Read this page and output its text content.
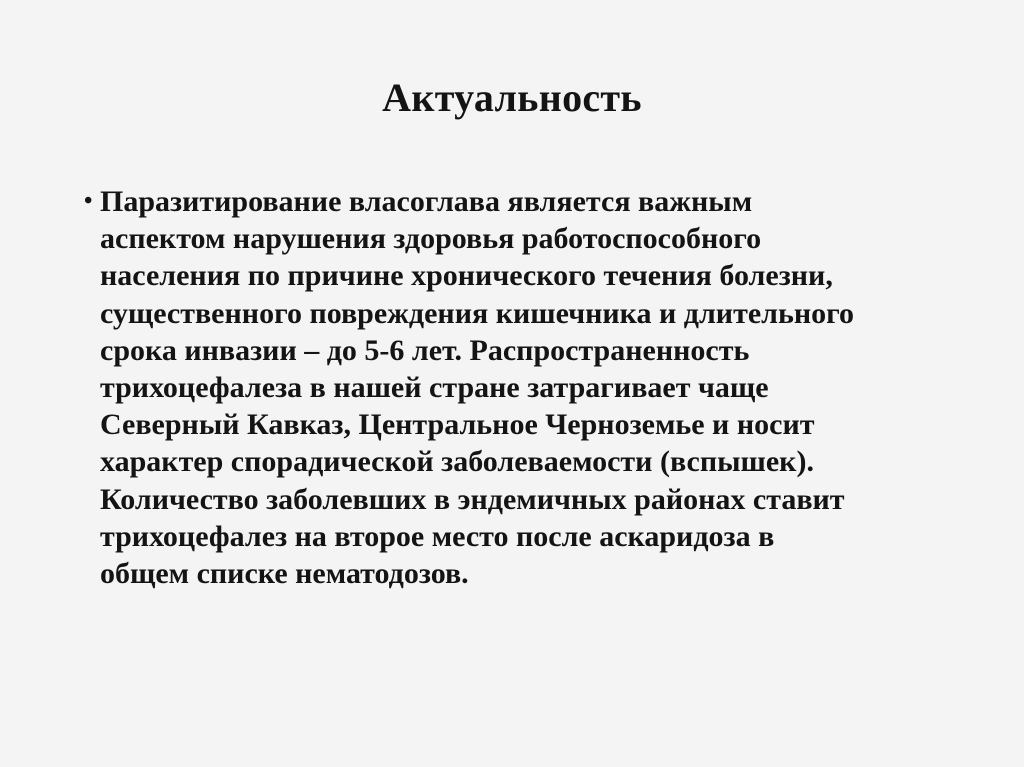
Актуальность
• Паразитирование власоглава является важным
аспектом нарушения здоровья работоспособного
населения по причине хронического течения болезни,
существенного повреждения кишечника и длительного
срока инвазии – до 5-6 лет. Распространенность
трихоцефалеза в нашей стране затрагивает чаще
Северный Кавказ, Центральное Черноземье и носит
характер спорадической заболеваемости (вспышек).
Количество заболевших в эндемичных районах ставит
трихоцефалез на второе место после аскаридоза в
общем списке нематодозов.
